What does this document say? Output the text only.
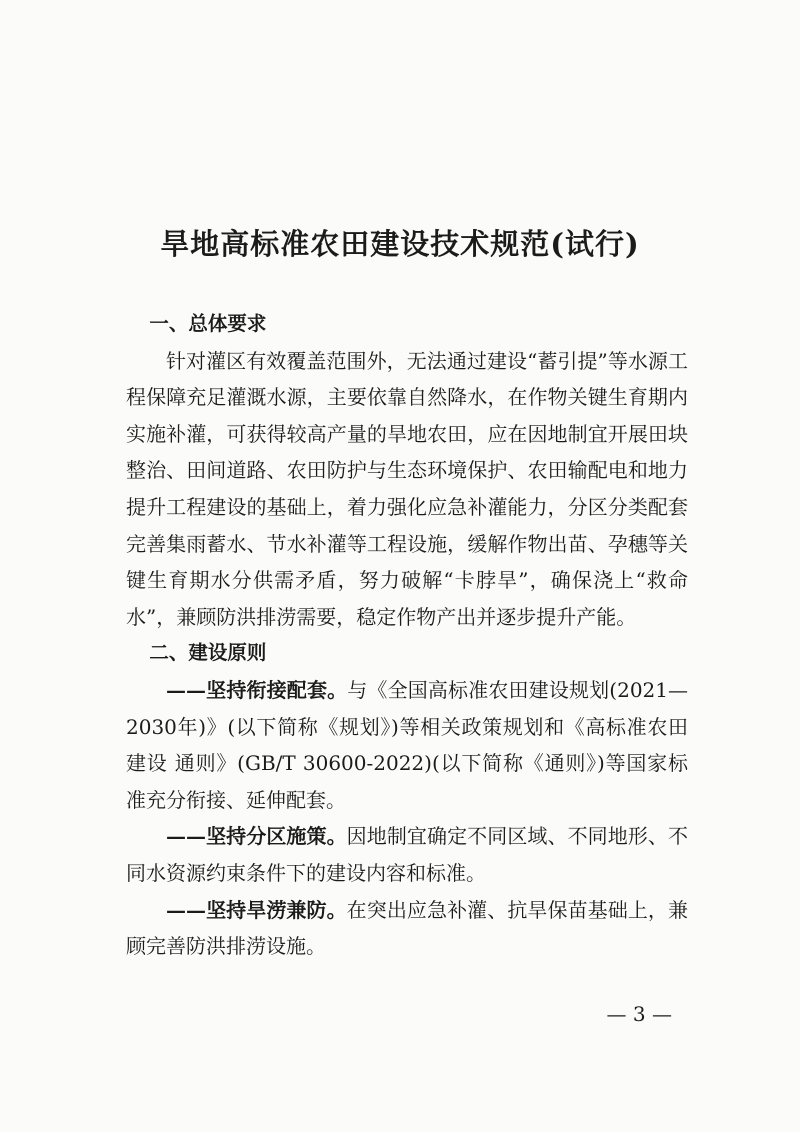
旱地高标准农田建设技术规范(试行)
一、总体要求

针对灌区有效覆盖范围外，无法通过建设“蓄引提”等水源工程保障充足灌溉水源，主要依靠自然降水，在作物关键生育期内实施补灌，可获得较高产量的旱地农田，应在因地制宜开展田块整治、田间道路、农田防护与生态环境保护、农田输配电和地力提升工程建设的基础上，着力强化应急补灌能力，分区分类配套完善集雨蓄水、节水补灌等工程设施，缓解作物出苗、孕穗等关键生育期水分供需矛盾，努力破解“卡脖旱”，确保浇上“救命水”，兼顾防洪排涝需要，稳定作物产出并逐步提升产能。

二、建设原则

——坚持衔接配套。与《全国高标准农田建设规划(2021—2030年)》(以下简称《规划》)等相关政策规划和《高标准农田建设 通则》(GB/T 30600-2022)(以下简称《通则》)等国家标准充分衔接、延伸配套。

——坚持分区施策。因地制宜确定不同区域、不同地形、不同水资源约束条件下的建设内容和标准。

——坚持旱涝兼防。在突出应急补灌、抗旱保苗基础上，兼顾完善防洪排涝设施。

— 3 —
